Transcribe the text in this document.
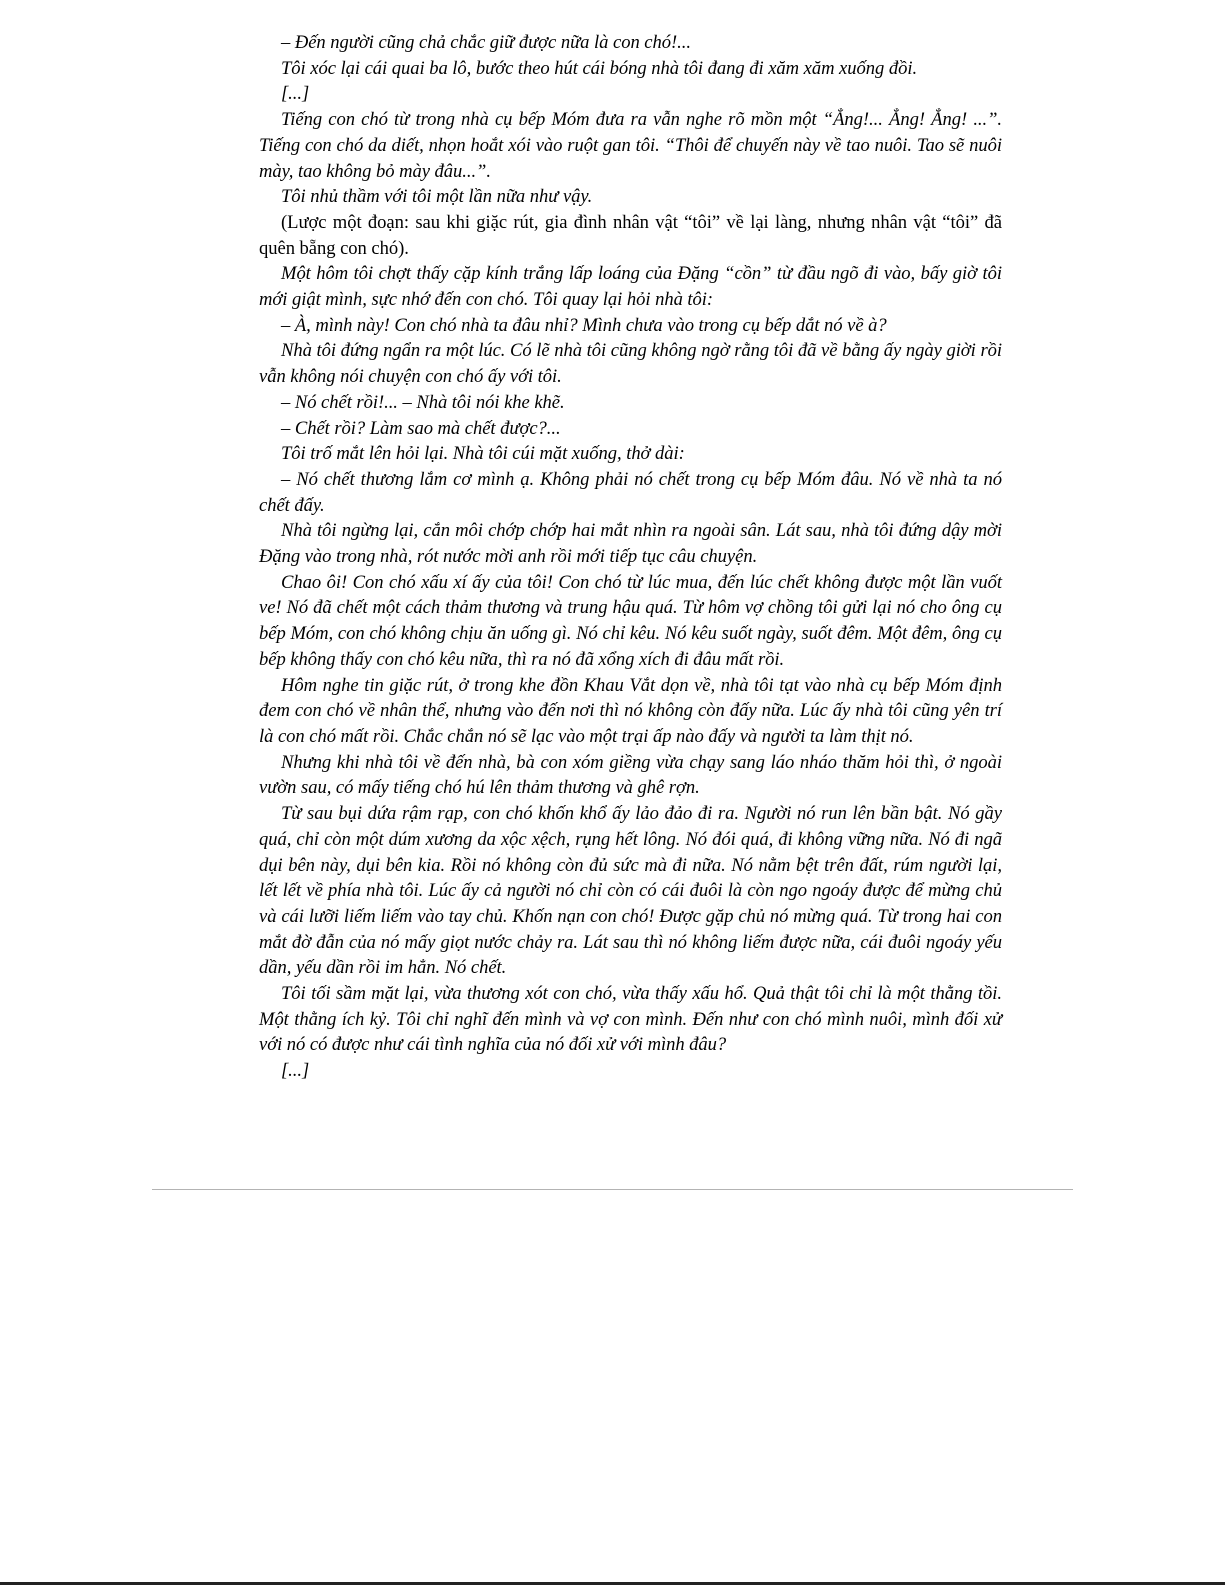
– Đến người cũng chả chắc giữ được nữa là con chó!...

Tôi xóc lại cái quai ba lô, bước theo hút cái bóng nhà tôi đang đi xăm xăm xuống đồi.

[...]

Tiếng con chó từ trong nhà cụ bếp Móm đưa ra vẫn nghe rõ mồn một “Ẳng!... Ẳng! Ẳng! ...”. Tiếng con chó da diết, nhọn hoắt xói vào ruột gan tôi. “Thôi để chuyến này về tao nuôi. Tao sẽ nuôi mày, tao không bỏ mày đâu...”.

Tôi nhủ thầm với tôi một lần nữa như vậy.

(Lược một đoạn: sau khi giặc rút, gia đình nhân vật “tôi” về lại làng, nhưng nhân vật “tôi” đã quên bẵng con chó).

Một hôm tôi chợt thấy cặp kính trắng lấp loáng của Đặng “cồn” từ đầu ngõ đi vào, bấy giờ tôi mới giật mình, sực nhớ đến con chó. Tôi quay lại hỏi nhà tôi:

– À, mình này! Con chó nhà ta đâu nhỉ? Mình chưa vào trong cụ bếp dắt nó về à?

Nhà tôi đứng ngẩn ra một lúc. Có lẽ nhà tôi cũng không ngờ rằng tôi đã về bằng ấy ngày giời rồi vẫn không nói chuyện con chó ấy với tôi.

– Nó chết rồi!... – Nhà tôi nói khe khẽ.

– Chết rồi? Làm sao mà chết được?...

Tôi trố mắt lên hỏi lại. Nhà tôi cúi mặt xuống, thở dài:

– Nó chết thương lắm cơ mình ạ. Không phải nó chết trong cụ bếp Móm đâu. Nó về nhà ta nó chết đấy.

Nhà tôi ngừng lại, cắn môi chớp chớp hai mắt nhìn ra ngoài sân. Lát sau, nhà tôi đứng dậy mời Đặng vào trong nhà, rót nước mời anh rồi mới tiếp tục câu chuyện.

Chao ôi! Con chó xấu xí ấy của tôi! Con chó từ lúc mua, đến lúc chết không được một lần vuốt ve! Nó đã chết một cách thảm thương và trung hậu quá. Từ hôm vợ chồng tôi gửi lại nó cho ông cụ bếp Móm, con chó không chịu ăn uống gì. Nó chỉ kêu. Nó kêu suốt ngày, suốt đêm. Một đêm, ông cụ bếp không thấy con chó kêu nữa, thì ra nó đã xổng xích đi đâu mất rồi.

Hôm nghe tin giặc rút, ở trong khe đồn Khau Vắt dọn về, nhà tôi tạt vào nhà cụ bếp Móm định đem con chó về nhân thể, nhưng vào đến nơi thì nó không còn đấy nữa. Lúc ấy nhà tôi cũng yên trí là con chó mất rồi. Chắc chắn nó sẽ lạc vào một trại ấp nào đấy và người ta làm thịt nó.

Nhưng khi nhà tôi về đến nhà, bà con xóm giềng vừa chạy sang láo nháo thăm hỏi thì, ở ngoài vườn sau, có mấy tiếng chó hú lên thảm thương và ghê rợn.

Từ sau bụi dứa rậm rạp, con chó khốn khổ ấy lảo đảo đi ra. Người nó run lên bần bật. Nó gầy quá, chỉ còn một dúm xương da xộc xệch, rụng hết lông. Nó đói quá, đi không vững nữa. Nó đi ngã dụi bên này, dụi bên kia. Rồi nó không còn đủ sức mà đi nữa. Nó nằm bệt trên đất, rúm người lại, lết lết về phía nhà tôi. Lúc ấy cả người nó chỉ còn có cái đuôi là còn ngo ngoáy được để mừng chủ và cái lưỡi liếm liếm vào tay chủ. Khốn nạn con chó! Được gặp chủ nó mừng quá. Từ trong hai con mắt đờ đẫn của nó mấy giọt nước chảy ra. Lát sau thì nó không liếm được nữa, cái đuôi ngoáy yếu dần, yếu dần rồi im hẳn. Nó chết.

Tôi tối sầm mặt lại, vừa thương xót con chó, vừa thấy xấu hổ. Quả thật tôi chỉ là một thằng tồi. Một thằng ích kỷ. Tôi chỉ nghĩ đến mình và vợ con mình. Đến như con chó mình nuôi, mình đối xử với nó có được như cái tình nghĩa của nó đối xử với mình đâu?

[...]
